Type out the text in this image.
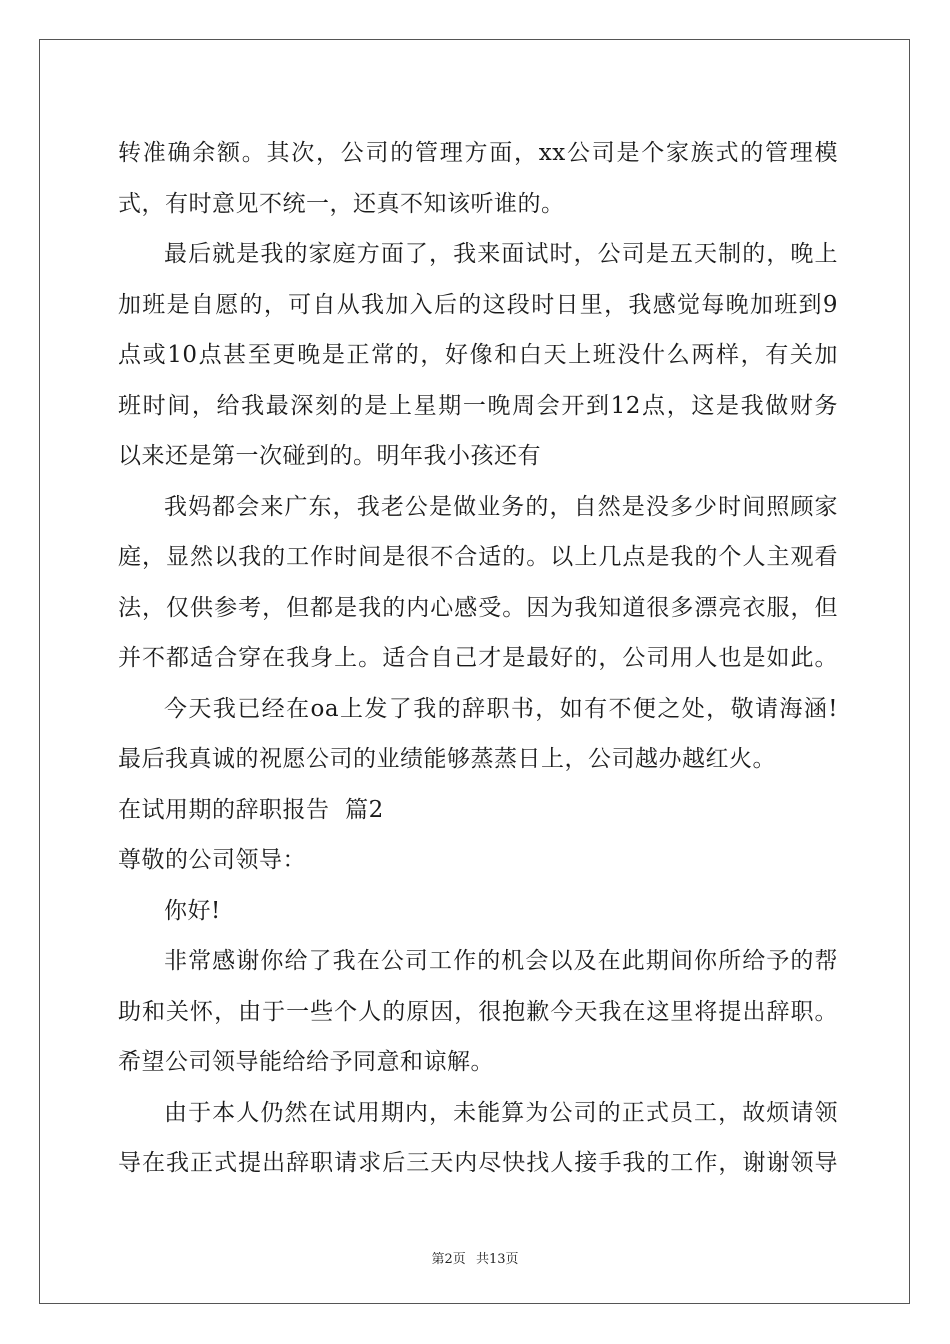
转准确余额。其次，公司的管理方面，xx公司是个家族式的管理模
式，有时意见不统一，还真不知该听谁的。
最后就是我的家庭方面了，我来面试时，公司是五天制的，晚上
加班是自愿的，可自从我加入后的这段时日里，我感觉每晚加班到9
点或10点甚至更晚是正常的，好像和白天上班没什么两样，有关加
班时间，给我最深刻的是上星期一晚周会开到12点，这是我做财务
以来还是第一次碰到的。明年我小孩还有
我妈都会来广东，我老公是做业务的，自然是没多少时间照顾家
庭，显然以我的工作时间是很不合适的。以上几点是我的个人主观看
法，仅供参考，但都是我的内心感受。因为我知道很多漂亮衣服，但
并不都适合穿在我身上。适合自己才是最好的，公司用人也是如此。
今天我已经在oa上发了我的辞职书，如有不便之处，敬请海涵!
最后我真诚的祝愿公司的业绩能够蒸蒸日上，公司越办越红火。
在试用期的辞职报告  篇2
尊敬的公司领导：
你好!
非常感谢你给了我在公司工作的机会以及在此期间你所给予的帮
助和关怀，由于一些个人的原因，很抱歉今天我在这里将提出辞职。
希望公司领导能给给予同意和谅解。
由于本人仍然在试用期内，未能算为公司的正式员工，故烦请领
导在我正式提出辞职请求后三天内尽快找人接手我的工作，谢谢领导
第2页 共13页
